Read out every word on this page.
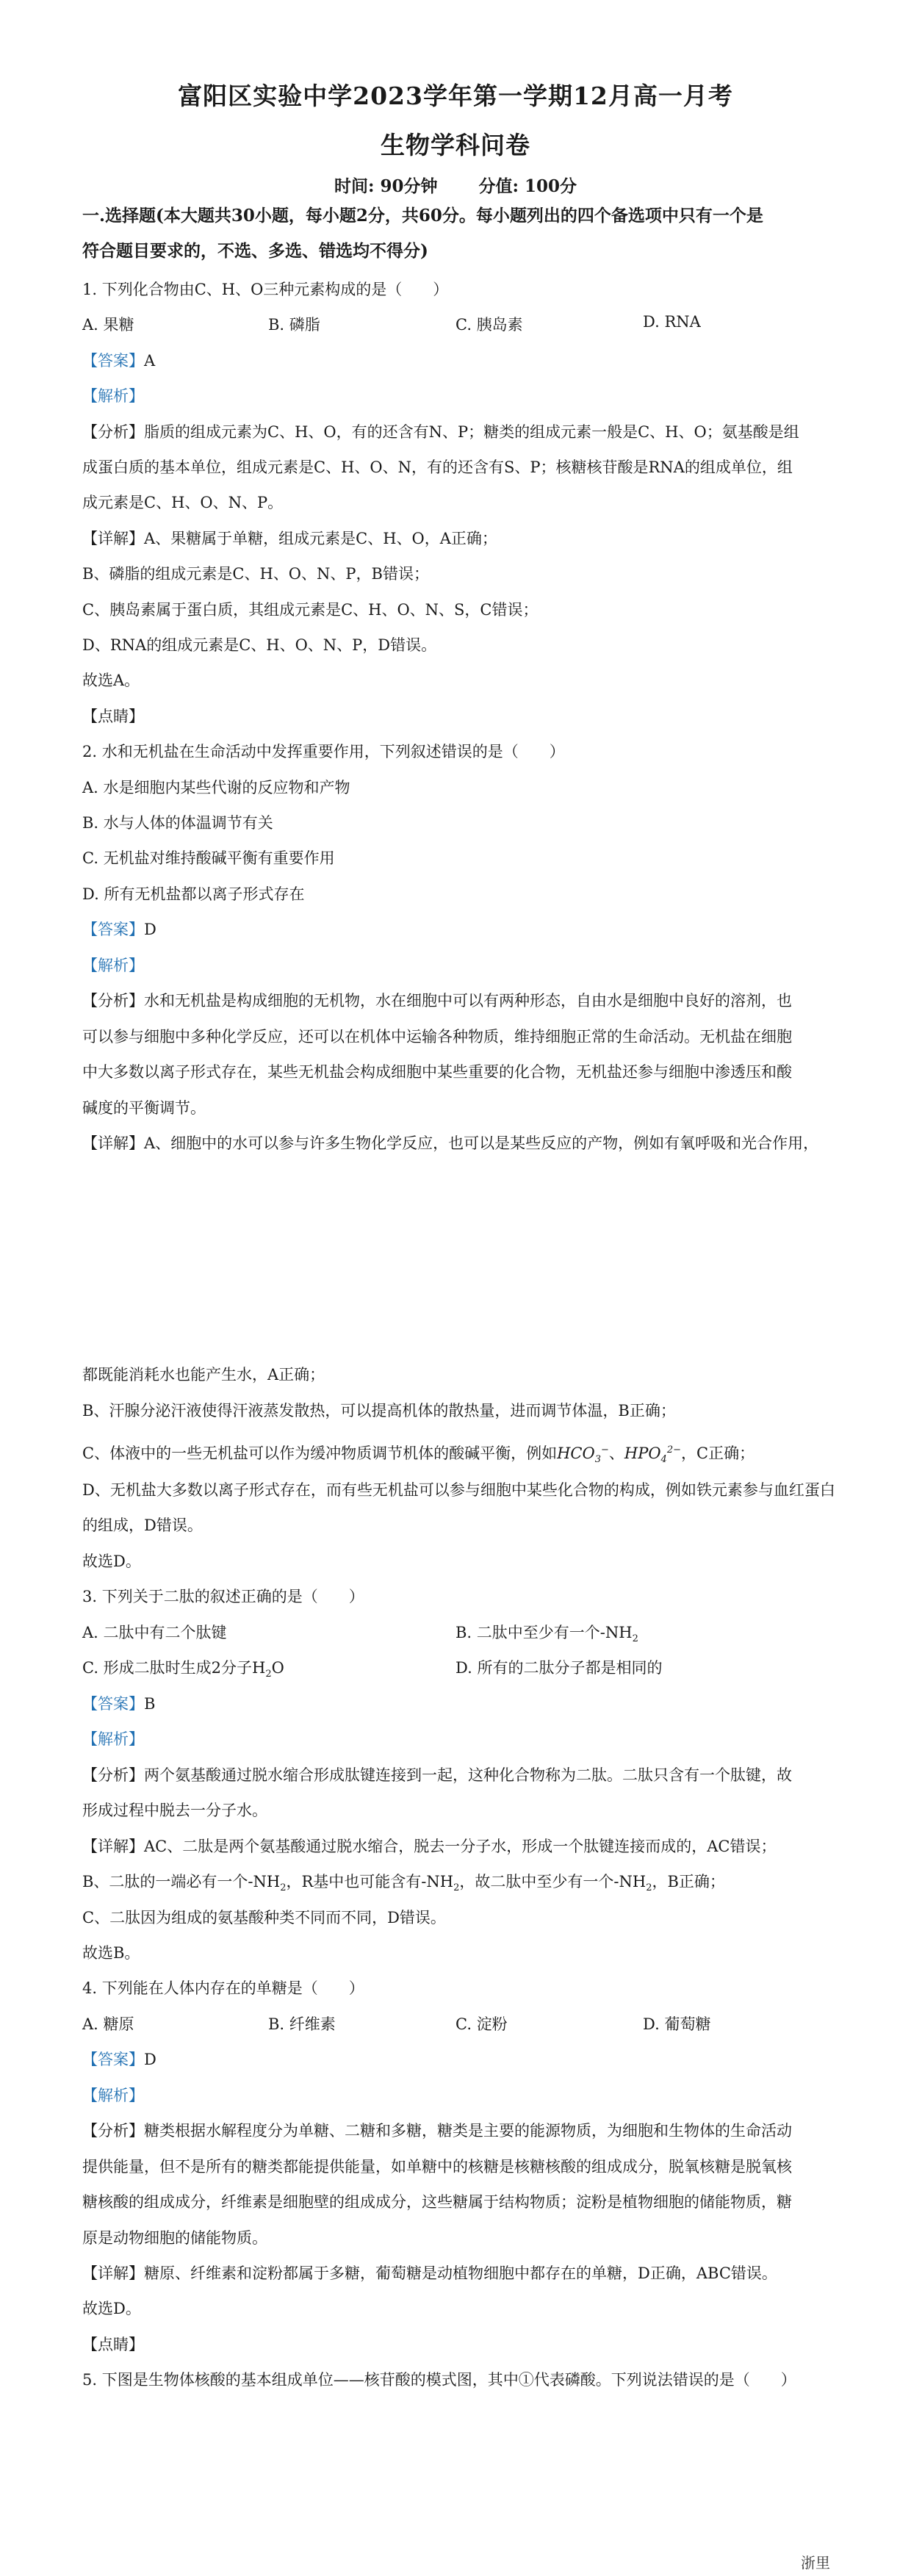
富阳区实验中学2023学年第一学期12月高一月考
生物学科问卷
时间: 90分钟 分值: 100分
一.选择题(本大题共30小题，每小题2分，共60分。每小题列出的四个备选项中只有一个是
符合题目要求的，不选、多选、错选均不得分)
1. 下列化合物由C、H、O三种元素构成的是（　　）
A. 果糖	B. 磷脂	C. 胰岛素	D. RNA
【答案】A
【解析】
【分析】脂质的组成元素为C、H、O，有的还含有N、P；糖类的组成元素一般是C、H、O；氨基酸是组
成蛋白质的基本单位，组成元素是C、H、O、N，有的还含有S、P；核糖核苷酸是RNA的组成单位，组
成元素是C、H、O、N、P。
【详解】A、果糖属于单糖，组成元素是C、H、O，A正确；
B、磷脂的组成元素是C、H、O、N、P，B错误；
C、胰岛素属于蛋白质，其组成元素是C、H、O、N、S，C错误；
D、RNA的组成元素是C、H、O、N、P，D错误。
故选A。
【点睛】
2. 水和无机盐在生命活动中发挥重要作用，下列叙述错误的是（　　）
A. 水是细胞内某些代谢的反应物和产物
B. 水与人体的体温调节有关
C. 无机盐对维持酸碱平衡有重要作用
D. 所有无机盐都以离子形式存在
【答案】D
【解析】
【分析】水和无机盐是构成细胞的无机物，水在细胞中可以有两种形态，自由水是细胞中良好的溶剂，也
可以参与细胞中多种化学反应，还可以在机体中运输各种物质，维持细胞正常的生命活动。无机盐在细胞
中大多数以离子形式存在，某些无机盐会构成细胞中某些重要的化合物，无机盐还参与细胞中渗透压和酸
碱度的平衡调节。
【详解】A、细胞中的水可以参与许多生物化学反应，也可以是某些反应的产物，例如有氧呼吸和光合作用，
都既能消耗水也能产生水，A正确；
B、汗腺分泌汗液使得汗液蒸发散热，可以提高机体的散热量，进而调节体温，B正确；
C、体液中的一些无机盐可以作为缓冲物质调节机体的酸碱平衡，例如$HCO_3^-$、$HPO_4^{2-}$，C正确；
D、无机盐大多数以离子形式存在，而有些无机盐可以参与细胞中某些化合物的构成，例如铁元素参与血红蛋白
的组成，D错误。
故选D。
3. 下列关于二肽的叙述正确的是（　　）
A. 二肽中有二个肽键	B. 二肽中至少有一个$-NH_2$
C. 形成二肽时生成2分子$H_2O$	D. 所有的二肽分子都是相同的
【答案】B
【解析】
【分析】两个氨基酸通过脱水缩合形成肽键连接到一起，这种化合物称为二肽。二肽只含有一个肽键，故
形成过程中脱去一分子水。
【详解】AC、二肽是两个氨基酸通过脱水缩合，脱去一分子水，形成一个肽键连接而成的，AC错误；
B、二肽的一端必有一个$-NH_2$，R基中也可能含有$-NH_2$，故二肽中至少有一个$-NH_2$，B正确；
C、二肽因为组成的氨基酸种类不同而不同，D错误。
故选B。
4. 下列能在人体内存在的单糖是（　　）
A. 糖原	B. 纤维素	C. 淀粉	D. 葡萄糖
【答案】D
【解析】
【分析】糖类根据水解程度分为单糖、二糖和多糖，糖类是主要的能源物质，为细胞和生物体的生命活动
提供能量，但不是所有的糖类都能提供能量，如单糖中的核糖是核糖核酸的组成成分，脱氧核糖是脱氧核
糖核酸的组成成分，纤维素是细胞壁的组成成分，这些糖属于结构物质；淀粉是植物细胞的储能物质，糖
原是动物细胞的储能物质。
【详解】糖原、纤维素和淀粉都属于多糖，葡萄糖是动植物细胞中都存在的单糖，D正确，ABC错误。
故选D。
【点睛】
5. 下图是生物体核酸的基本组成单位——核苷酸的模式图，其中①代表磷酸。下列说法错误的是（　　）
浙里
